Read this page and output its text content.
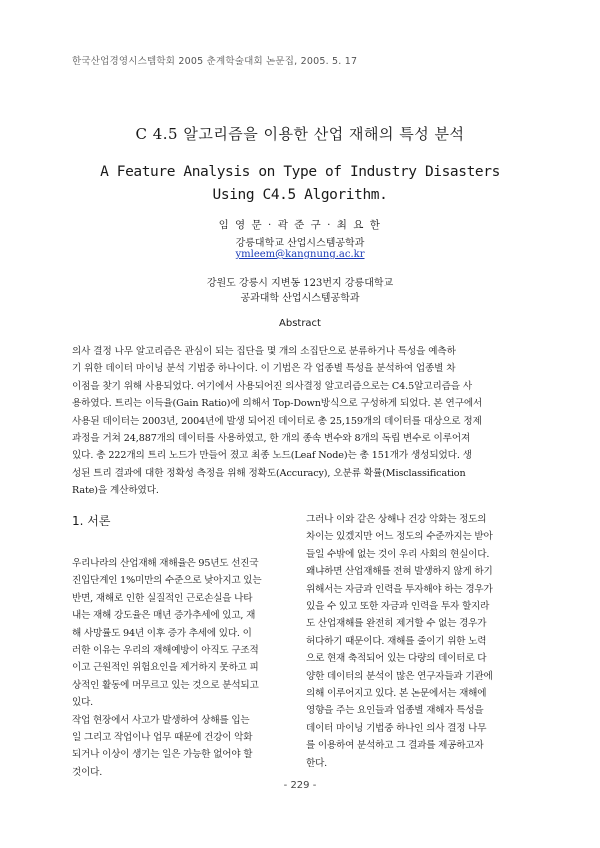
한국산업경영시스템학회 2005 춘계학술대회 논문집, 2005. 5. 17
C 4.5 알고리즘을 이용한 산업 재해의 특성 분석
A Feature Analysis on Type of Industry Disasters
Using C4.5 Algorithm.
임 영 문 · 곽 준 구 · 최 요 한
강릉대학교 산업시스템공학과
ymleem@kangnung.ac.kr
강원도 강릉시 지변동 123번지 강릉대학교
공과대학 산업시스템공학과
Abstract
의사 결정 나무 알고리즘은 관심이 되는 집단을 몇 개의 소집단으로 분류하거나 특성을 예측하
기 위한 데이터 마이닝 분석 기법중 하나이다. 이 기법은 각 업종별 특성을 분석하여 업종별 차
이점을 찾기 위해 사용되었다. 여기에서 사용되어진 의사결정 알고리즘으로는 C4.5알고리즘을 사
용하였다. 트리는 이득율(Gain Ratio)에 의해서 Top-Down방식으로 구성하게 되었다. 본 연구에서
사용된 데이터는 2003년, 2004년에 발생 되어진 데이터로 총 25,159개의 데이터를 대상으로 정제
과정을 거쳐 24,887개의 데이터를 사용하였고, 한 개의 종속 변수와 8개의 독립 변수로 이루어져
있다. 총 222개의 트리 노드가 만들어 졌고 최종 노드(Leaf Node)는 총 151개가 생성되었다. 생
성된 트리 결과에 대한 정확성 측정을 위해 정확도(Accuracy), 오분류 확률(Misclassification
Rate)을 계산하였다.
1. 서론
우리나라의 산업재해 재해율은 95년도 선진국
진입단계인 1%미만의 수준으로 낮아지고 있는
반면, 재해로 인한 실질적인 근로손실을 나타
내는 재해 강도율은 매년 증가추세에 있고, 재
해 사망률도 94년 이후 증가 추세에 있다. 이
러한 이유는 우리의 재해예방이 아직도 구조적
이고 근원적인 위험요인을 제거하지 못하고 피
상적인 활동에 머무르고 있는 것으로 분석되고
있다.
작업 현장에서 사고가 발생하여 상해를 입는
일 그리고 작업이나 업무 때문에 건강이 악화
되거나 이상이 생기는 일은 가능한 없어야 할
것이다.
그러나 이와 같은 상해나 건강 악화는 정도의
차이는 있겠지만 어느 정도의 수준까지는 받아
들일 수밖에 없는 것이 우리 사회의 현실이다.
왜냐하면 산업재해를 전혀 발생하지 않게 하기
위해서는 자금과 인력을 투자해야 하는 경우가
있을 수 있고 또한 자금과 인력을 투자 할지라
도 산업재해를 완전히 제거할 수 없는 경우가
허다하기 때문이다. 재해를 줄이기 위한 노력
으로 현재 축적되어 있는 다량의 데이터로 다
양한 데이터의 분석이 많은 연구자들과 기관에
의해 이루어지고 있다. 본 논문에서는 재해에
영향을 주는 요인들과 업종별 재해자 특성을
데이터 마이닝 기법중 하나인 의사 결정 나무
를 이용하여 분석하고 그 결과를 제공하고자
한다.
- 229 -
